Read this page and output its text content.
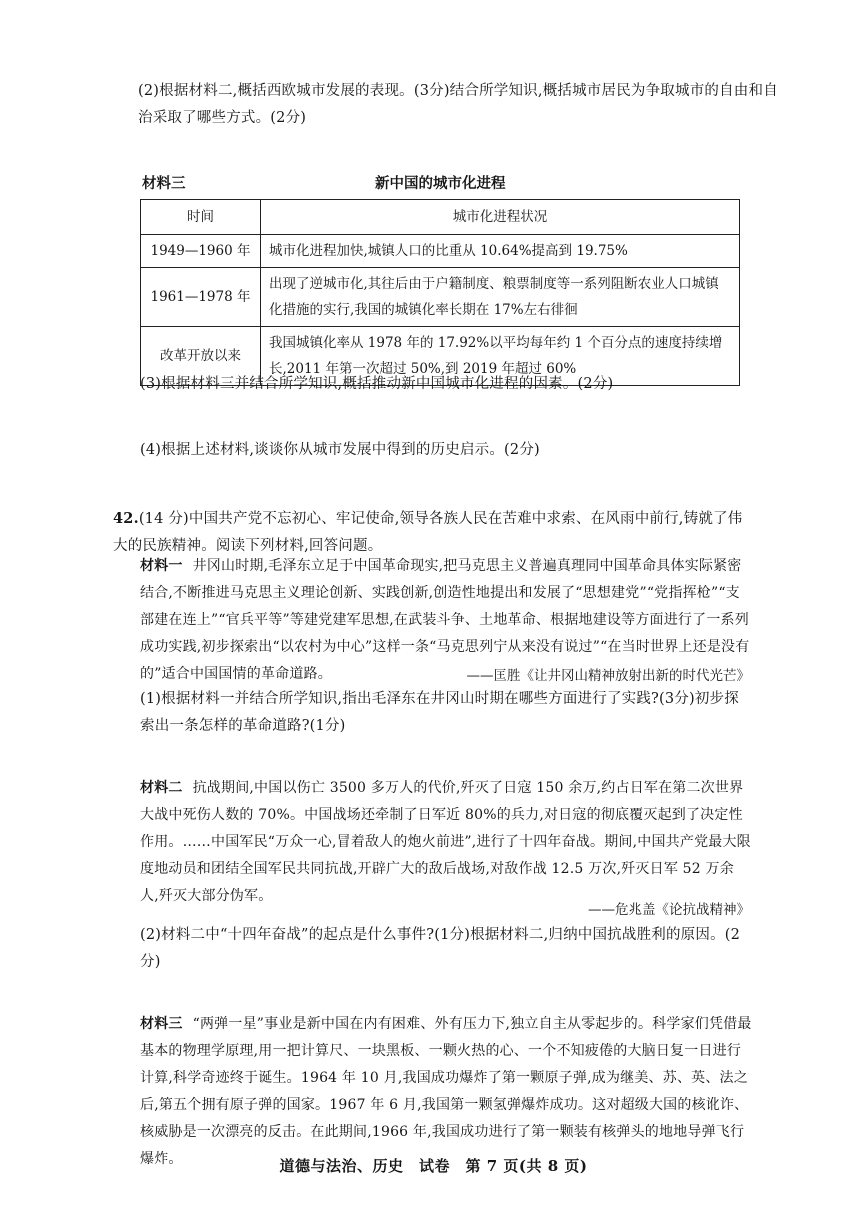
(2)根据材料二,概括西欧城市发展的表现。(3分)结合所学知识,概括城市居民为争取城市的自由和自治采取了哪些方式。(2分)
材料三	新中国的城市化进程
时间	城市化进程状况
1949—1960 年	城市化进程加快,城镇人口的比重从 10.64%提高到 19.75%
1961—1978 年	出现了逆城市化,其往后由于户籍制度、粮票制度等一系列阻断农业人口城镇化措施的实行,我国的城镇化率长期在 17%左右徘徊
改革开放以来	我国城镇化率从 1978 年的 17.92%以平均每年约 1 个百分点的速度持续增长,2011 年第一次超过 50%,到 2019 年超过 60%
(3)根据材料三并结合所学知识,概括推动新中国城市化进程的因素。(2分)
(4)根据上述材料,谈谈你从城市发展中得到的历史启示。(2分)
42.(14 分)中国共产党不忘初心、牢记使命,领导各族人民在苦难中求索、在风雨中前行,铸就了伟大的民族精神。阅读下列材料,回答问题。
材料一 井冈山时期,毛泽东立足于中国革命现实,把马克思主义普遍真理同中国革命具体实际紧密结合,不断推进马克思主义理论创新、实践创新,创造性地提出和发展了“思想建党”“党指挥枪”“支部建在连上”“官兵平等”等建党建军思想,在武装斗争、土地革命、根据地建设等方面进行了一系列成功实践,初步探索出“以农村为中心”这样一条“马克思列宁从来没有说过”“在当时世界上还是没有的”适合中国国情的革命道路。	——匡胜《让井冈山精神放射出新的时代光芒》
(1)根据材料一并结合所学知识,指出毛泽东在井冈山时期在哪些方面进行了实践?(3分)初步探索出一条怎样的革命道路?(1分)
材料二 抗战期间,中国以伤亡 3500 多万人的代价,歼灭了日寇 150 余万,约占日军在第二次世界大战中死伤人数的 70%。中国战场还牵制了日军近 80%的兵力,对日寇的彻底覆灭起到了决定性作用。……中国军民“万众一心,冒着敌人的炮火前进”,进行了十四年奋战。期间,中国共产党最大限度地动员和团结全国军民共同抗战,开辟广大的敌后战场,对敌作战 12.5 万次,歼灭日军 52 万余人,歼灭大部分伪军。
——危兆盖《论抗战精神》
(2)材料二中“十四年奋战”的起点是什么事件?(1分)根据材料二,归纳中国抗战胜利的原因。(2分)
材料三 “两弹一星”事业是新中国在内有困难、外有压力下,独立自主从零起步的。科学家们凭借最基本的物理学原理,用一把计算尺、一块黑板、一颗火热的心、一个不知疲倦的大脑日复一日进行计算,科学奇迹终于诞生。1964 年 10 月,我国成功爆炸了第一颗原子弹,成为继美、苏、英、法之后,第五个拥有原子弹的国家。1967 年 6 月,我国第一颗氢弹爆炸成功。这对超级大国的核讹诈、核威胁是一次漂亮的反击。在此期间,1966 年,我国成功进行了第一颗装有核弹头的地地导弹飞行爆炸。	道德与法治、历史　试卷　第 7 页(共 8 页)
